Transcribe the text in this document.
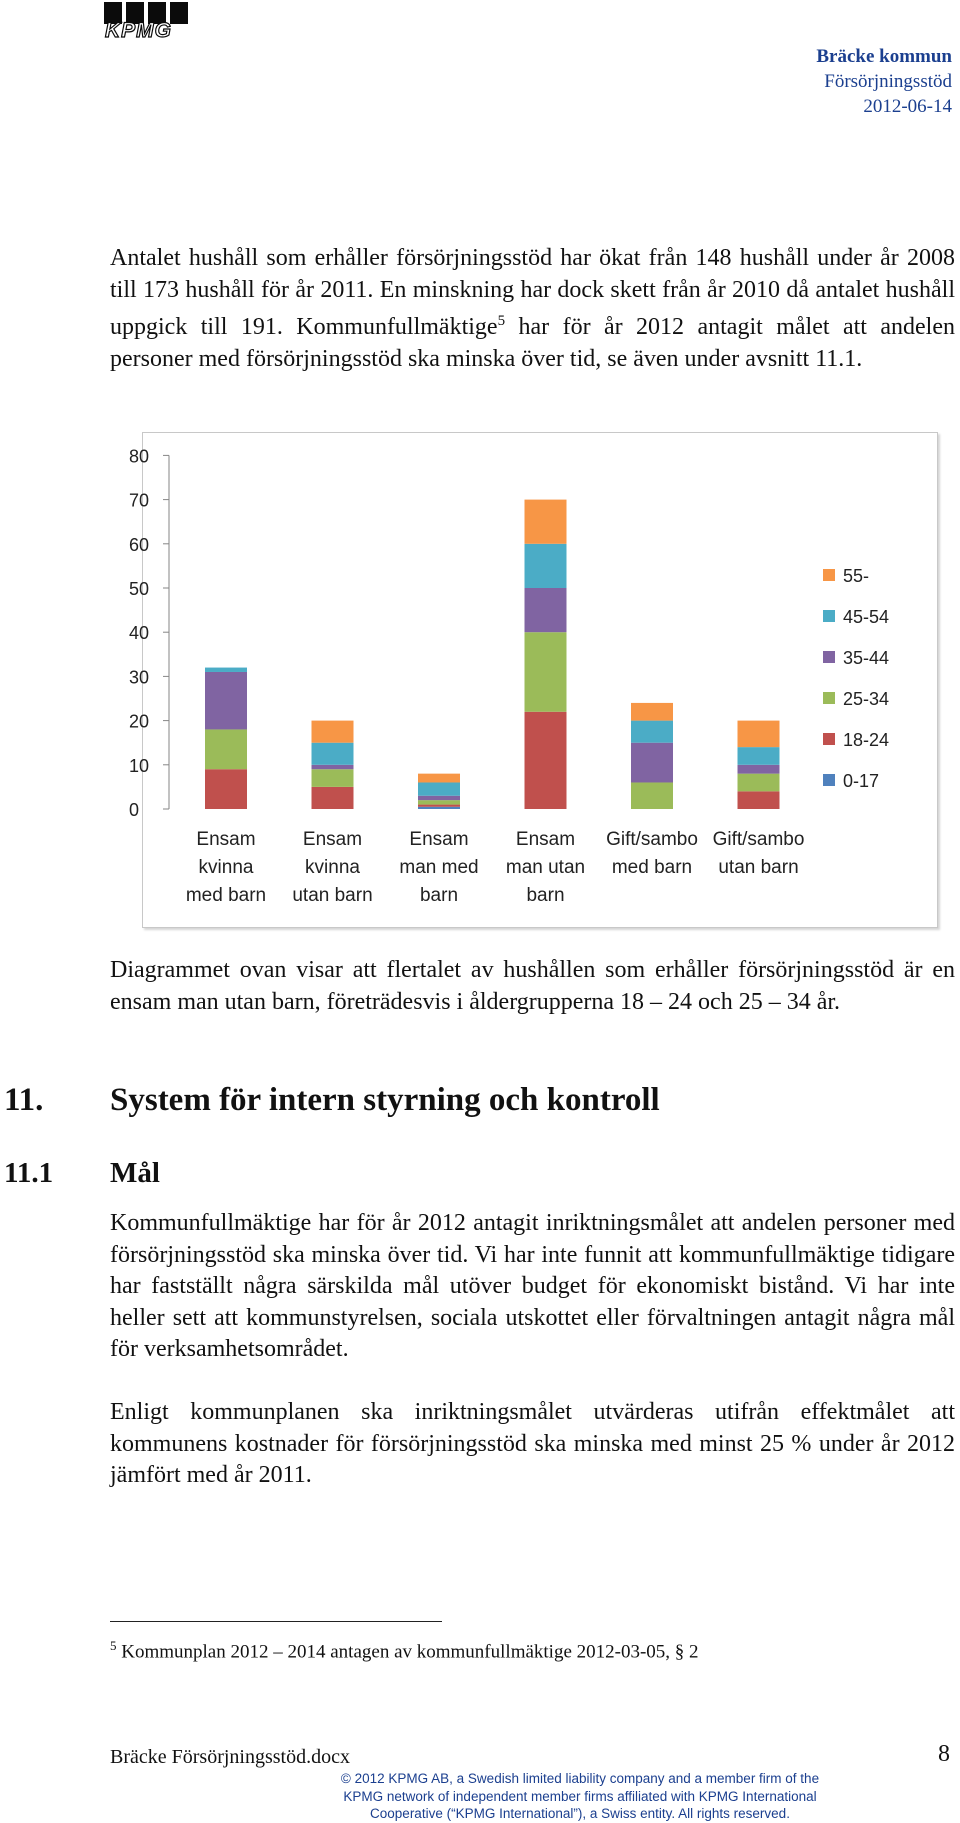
KPMG
Bräcke kommun
Försörjningsstöd
2012-06-14
Antalet hushåll som erhåller försörjningsstöd har ökat från 148 hushåll under år 2008 till 173 hushåll för år 2011. En minskning har dock skett från år 2010 då antalet hushåll uppgick till 191. Kommunfullmäktige$^5$ har för år 2012 antagit målet att andelen personer med försörjningsstöd ska minska över tid, se även under avsnitt 11.1.
0
10
20
30
40
50
60
70
80
Ensam
kvinna
med barn
Ensam
kvinna
utan barn
Ensam
man med
barn
Ensam
man utan
barn
Gift/sambo
med barn
Gift/sambo
utan barn
55-
45-54
35-44
25-34
18-24
0-17
Diagrammet ovan visar att flertalet av hushållen som erhåller försörjningsstöd är en ensam man utan barn, företrädesvis i åldergrupperna 18 – 24 och 25 – 34 år.
11. System för intern styrning och kontroll
11.1 Mål
Kommunfullmäktige har för år 2012 antagit inriktningsmålet att andelen personer med försörjningsstöd ska minska över tid. Vi har inte funnit att kommunfullmäktige tidigare har fastställt några särskilda mål utöver budget för ekonomiskt bistånd. Vi har inte heller sett att kommunstyrelsen, sociala utskottet eller förvaltningen antagit några mål för verksamhetsområdet.
Enligt kommunplanen ska inriktningsmålet utvärderas utifrån effektmålet att kommunens kostnader för försörjningsstöd ska minska med minst 25 % under år 2012 jämfört med år 2011.
$^5$ Kommunplan 2012 – 2014 antagen av kommunfullmäktige 2012-03-05, § 2
Bräcke Försörjningsstöd.docx	8
© 2012 KPMG AB, a Swedish limited liability company and a member firm of the
KPMG network of independent member firms affiliated with KPMG International
Cooperative (“KPMG International”), a Swiss entity. All rights reserved.
